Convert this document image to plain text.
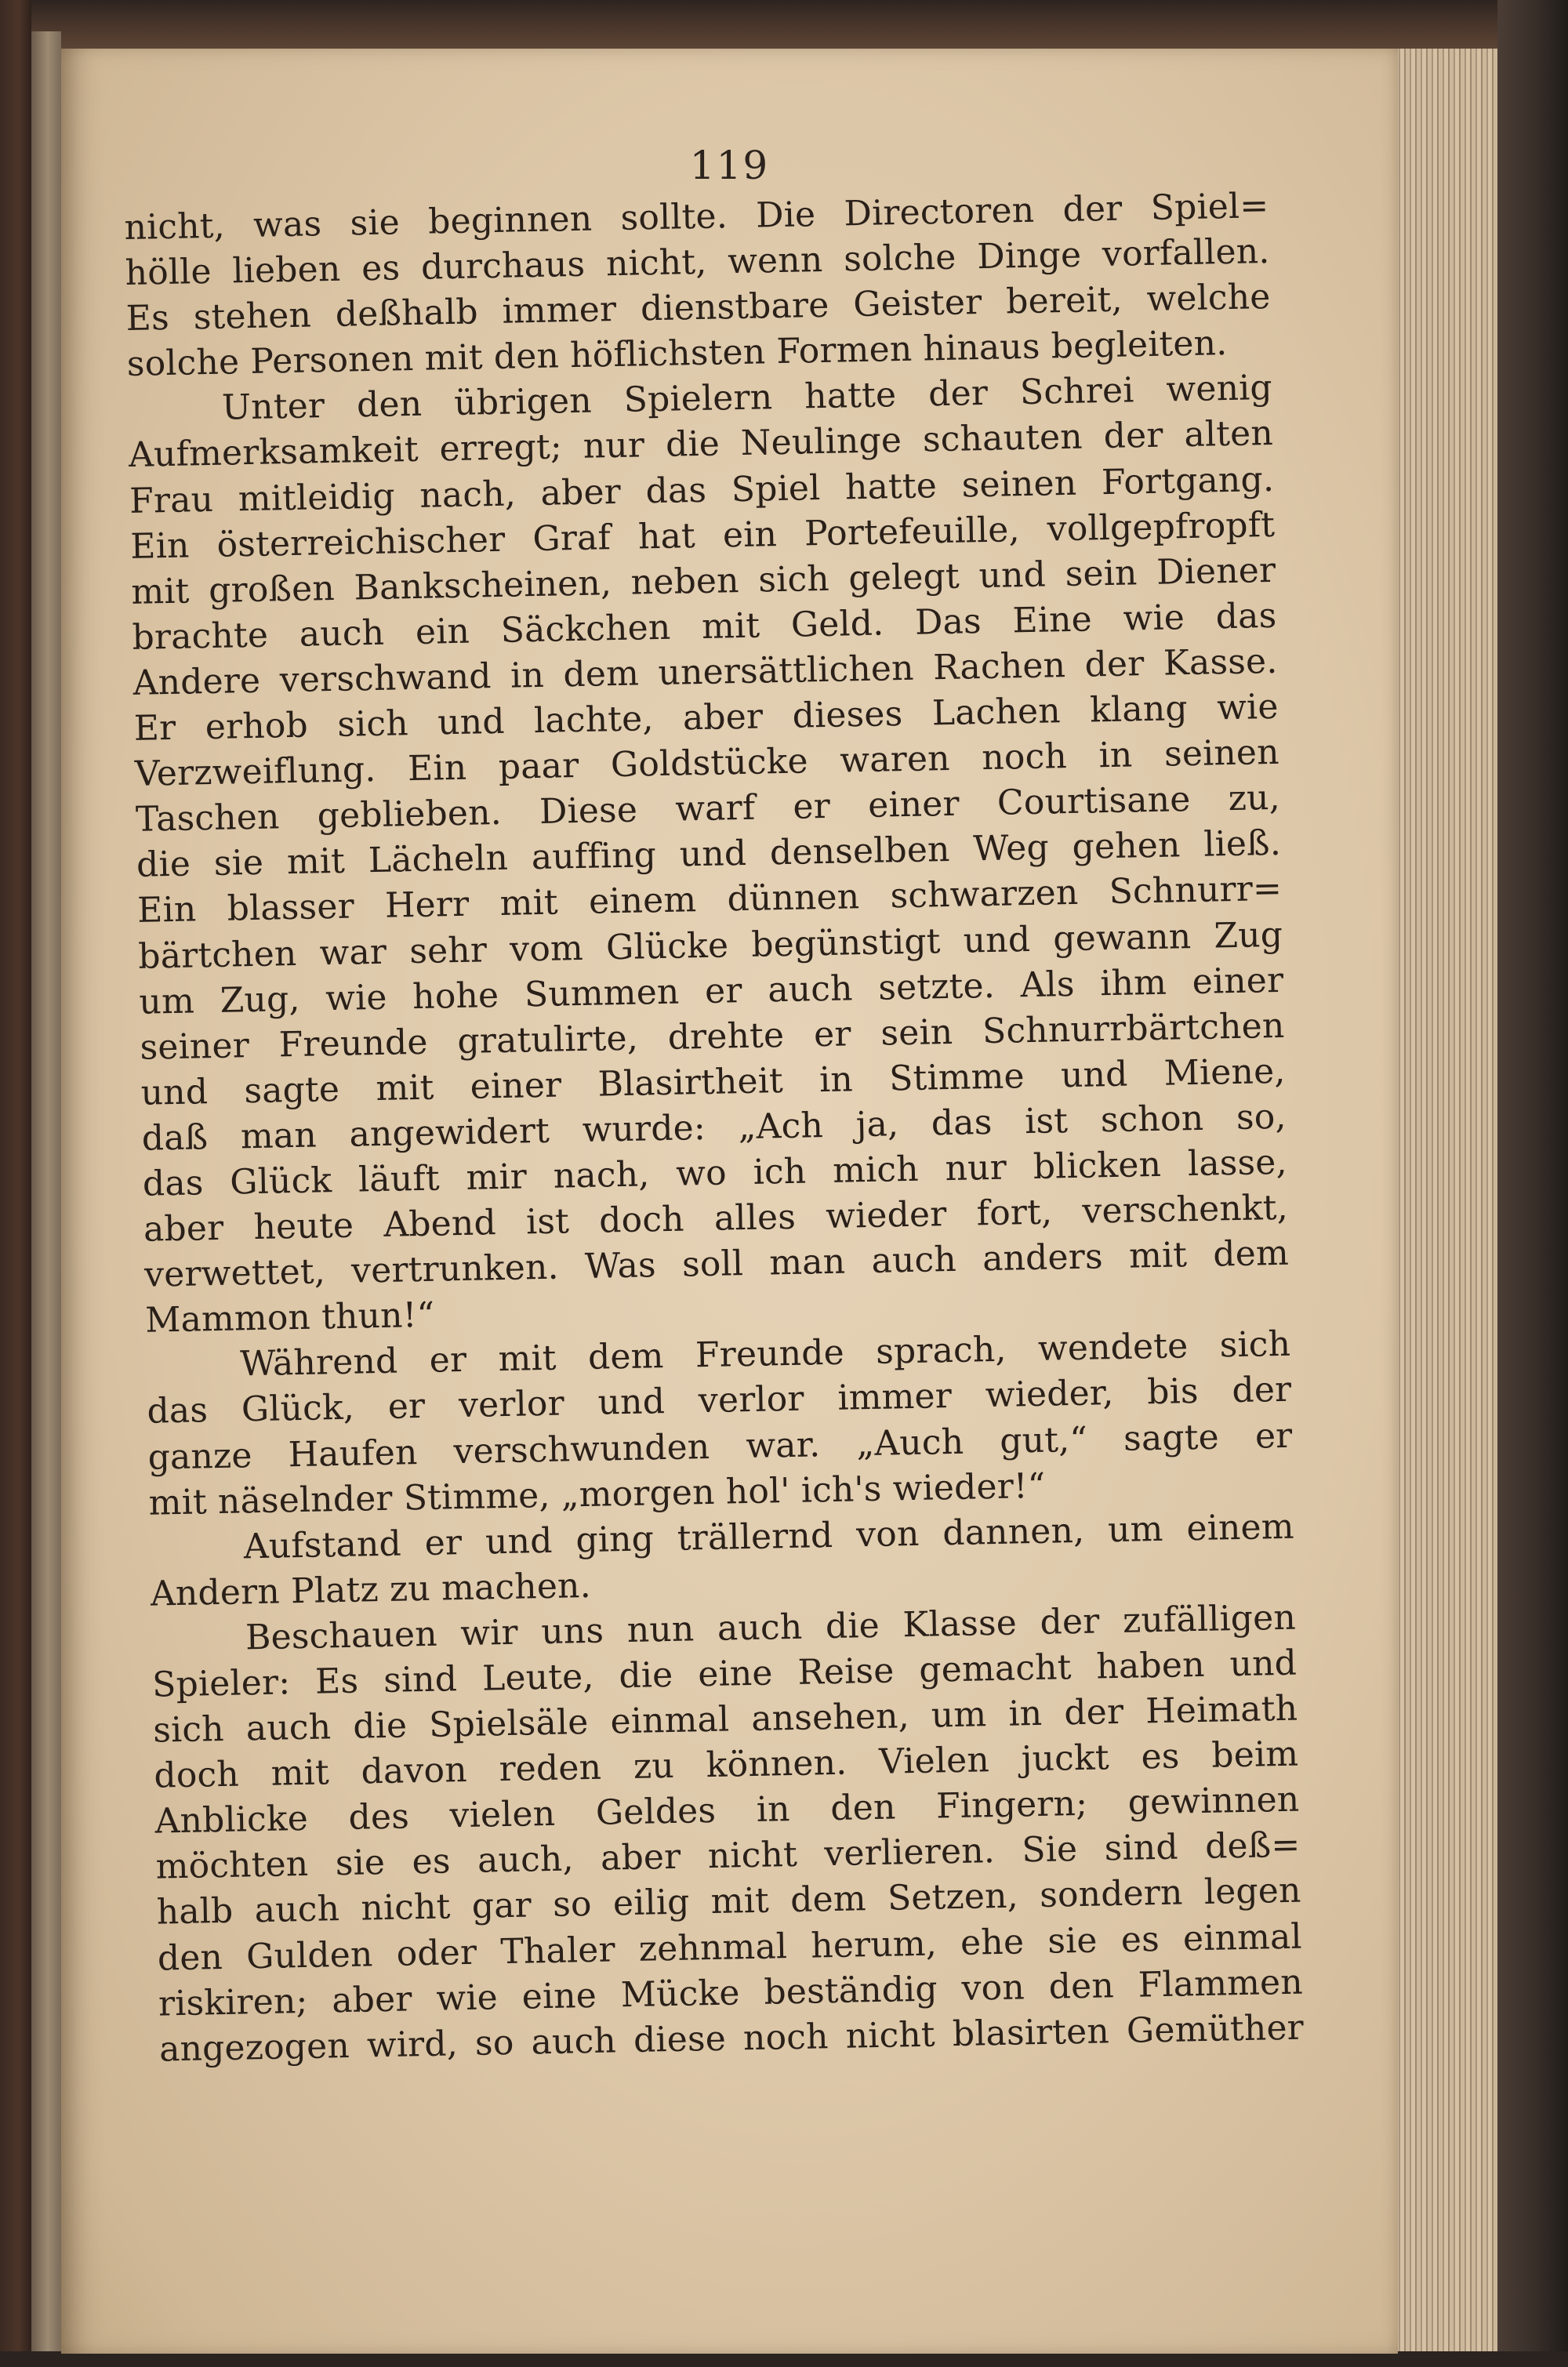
119

nicht, was sie beginnen sollte. Die Directoren der Spiel=
hölle lieben es durchaus nicht, wenn solche Dinge vorfallen.
Es stehen deßhalb immer dienstbare Geister bereit, welche
solche Personen mit den höflichsten Formen hinaus begleiten.
Unter den übrigen Spielern hatte der Schrei wenig
Aufmerksamkeit erregt; nur die Neulinge schauten der alten
Frau mitleidig nach, aber das Spiel hatte seinen Fortgang.
Ein österreichischer Graf hat ein Portefeuille, vollgepfropft
mit großen Bankscheinen, neben sich gelegt und sein Diener
brachte auch ein Säckchen mit Geld. Das Eine wie das
Andere verschwand in dem unersättlichen Rachen der Kasse.
Er erhob sich und lachte, aber dieses Lachen klang wie
Verzweiflung. Ein paar Goldstücke waren noch in seinen
Taschen geblieben. Diese warf er einer Courtisane zu,
die sie mit Lächeln auffing und denselben Weg gehen ließ.
Ein blasser Herr mit einem dünnen schwarzen Schnurr=
bärtchen war sehr vom Glücke begünstigt und gewann Zug
um Zug, wie hohe Summen er auch setzte. Als ihm einer
seiner Freunde gratulirte, drehte er sein Schnurrbärtchen
und sagte mit einer Blasirtheit in Stimme und Miene,
daß man angewidert wurde: „Ach ja, das ist schon so,
das Glück läuft mir nach, wo ich mich nur blicken lasse,
aber heute Abend ist doch alles wieder fort, verschenkt,
verwettet, vertrunken. Was soll man auch anders mit dem
Mammon thun!“
Während er mit dem Freunde sprach, wendete sich
das Glück, er verlor und verlor immer wieder, bis der
ganze Haufen verschwunden war. „Auch gut,“ sagte er
mit näselnder Stimme, „morgen hol' ich's wieder!“
Aufstand er und ging trällernd von dannen, um einem
Andern Platz zu machen.
Beschauen wir uns nun auch die Klasse der zufälligen
Spieler: Es sind Leute, die eine Reise gemacht haben und
sich auch die Spielsäle einmal ansehen, um in der Heimath
doch mit davon reden zu können. Vielen juckt es beim
Anblicke des vielen Geldes in den Fingern; gewinnen
möchten sie es auch, aber nicht verlieren. Sie sind deß=
halb auch nicht gar so eilig mit dem Setzen, sondern legen
den Gulden oder Thaler zehnmal herum, ehe sie es einmal
riskiren; aber wie eine Mücke beständig von den Flammen
angezogen wird, so auch diese noch nicht blasirten Gemüther
